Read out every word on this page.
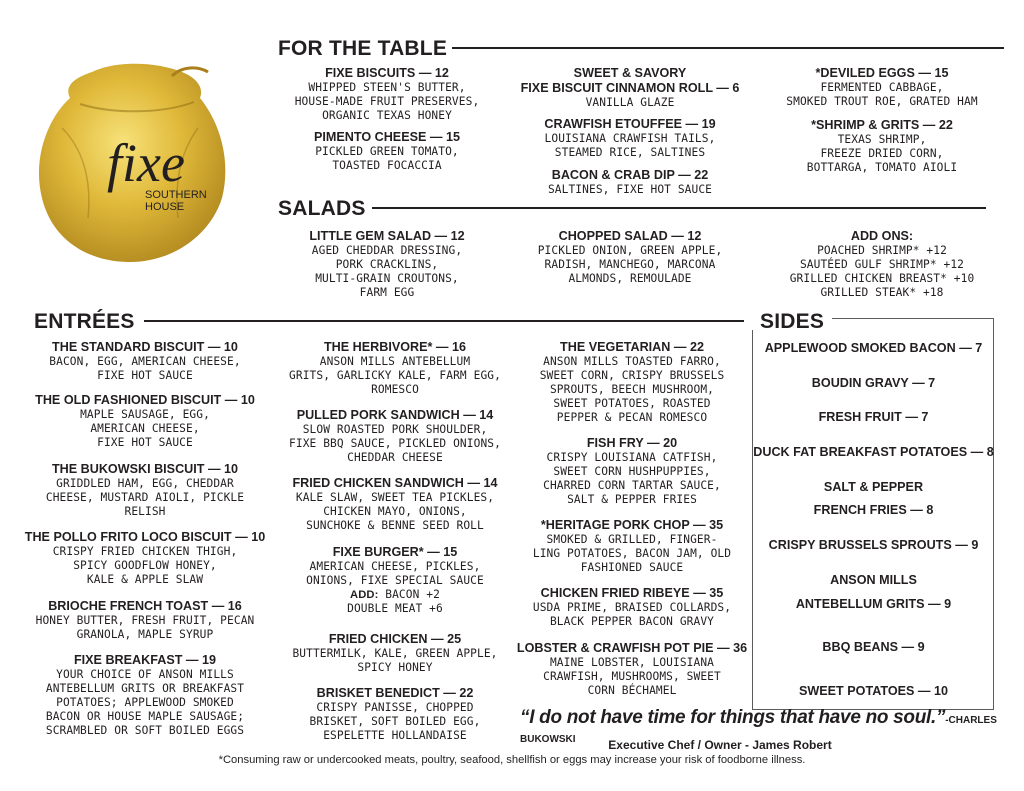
fixe
SOUTHERN HOUSE
FOR THE TABLE
FIXE BISCUITS — 12
WHIPPED STEEN'S BUTTER,
HOUSE-MADE FRUIT PRESERVES,
ORGANIC TEXAS HONEY
PIMENTO CHEESE — 15
PICKLED GREEN TOMATO,
TOASTED FOCACCIA
SWEET & SAVORY
FIXE BISCUIT CINNAMON ROLL — 6
VANILLA GLAZE
CRAWFISH ETOUFFEE — 19
LOUISIANA CRAWFISH TAILS,
STEAMED RICE, SALTINES
BACON & CRAB DIP — 22
SALTINES, FIXE HOT SAUCE
*DEVILED EGGS — 15
FERMENTED CABBAGE,
SMOKED TROUT ROE, GRATED HAM
*SHRIMP & GRITS — 22
TEXAS SHRIMP,
FREEZE DRIED CORN,
BOTTARGA, TOMATO AIOLI
SALADS
LITTLE GEM SALAD — 12
AGED CHEDDAR DRESSING,
PORK CRACKLINS,
MULTI-GRAIN CROUTONS,
FARM EGG
CHOPPED SALAD — 12
PICKLED ONION, GREEN APPLE,
RADISH, MANCHEGO, MARCONA
ALMONDS, REMOULADE
ADD ONS:
POACHED SHRIMP* +12
SAUTÉED GULF SHRIMP* +12
GRILLED CHICKEN BREAST* +10
GRILLED STEAK* +18
ENTRÉES
THE STANDARD BISCUIT — 10
BACON, EGG, AMERICAN CHEESE,
FIXE HOT SAUCE
THE OLD FASHIONED BISCUIT — 10
MAPLE SAUSAGE, EGG,
AMERICAN CHEESE,
FIXE HOT SAUCE
THE BUKOWSKI BISCUIT — 10
GRIDDLED HAM, EGG, CHEDDAR
CHEESE, MUSTARD AIOLI, PICKLE
RELISH
THE POLLO FRITO LOCO BISCUIT — 10
CRISPY FRIED CHICKEN THIGH,
SPICY GOODFLOW HONEY,
KALE & APPLE SLAW
BRIOCHE FRENCH TOAST — 16
HONEY BUTTER, FRESH FRUIT, PECAN
GRANOLA, MAPLE SYRUP
FIXE BREAKFAST — 19
YOUR CHOICE OF ANSON MILLS
ANTEBELLUM GRITS OR BREAKFAST
POTATOES; APPLEWOOD SMOKED
BACON OR HOUSE MAPLE SAUSAGE;
SCRAMBLED OR SOFT BOILED EGGS
THE HERBIVORE* — 16
ANSON MILLS ANTEBELLUM
GRITS, GARLICKY KALE, FARM EGG,
ROMESCO
PULLED PORK SANDWICH — 14
SLOW ROASTED PORK SHOULDER,
FIXE BBQ SAUCE, PICKLED ONIONS,
CHEDDAR CHEESE
FRIED CHICKEN SANDWICH — 14
KALE SLAW, SWEET TEA PICKLES,
CHICKEN MAYO, ONIONS,
SUNCHOKE & BENNE SEED ROLL
FIXE BURGER* — 15
AMERICAN CHEESE, PICKLES,
ONIONS, FIXE SPECIAL SAUCE
ADD: BACON +2
DOUBLE MEAT +6
FRIED CHICKEN — 25
BUTTERMILK, KALE, GREEN APPLE,
SPICY HONEY
BRISKET BENEDICT — 22
CRISPY PANISSE, CHOPPED
BRISKET, SOFT BOILED EGG,
ESPELETTE HOLLANDAISE
THE VEGETARIAN — 22
ANSON MILLS TOASTED FARRO,
SWEET CORN, CRISPY BRUSSELS
SPROUTS, BEECH MUSHROOM,
SWEET POTATOES, ROASTED
PEPPER & PECAN ROMESCO
FISH FRY — 20
CRISPY LOUISIANA CATFISH,
SWEET CORN HUSHPUPPIES,
CHARRED CORN TARTAR SAUCE,
SALT & PEPPER FRIES
*HERITAGE PORK CHOP — 35
SMOKED & GRILLED, FINGER-
LING POTATOES, BACON JAM, OLD
FASHIONED SAUCE
CHICKEN FRIED RIBEYE — 35
USDA PRIME, BRAISED COLLARDS,
BLACK PEPPER BACON GRAVY
LOBSTER & CRAWFISH POT PIE — 36
MAINE LOBSTER, LOUISIANA
CRAWFISH, MUSHROOMS, SWEET
CORN BÉCHAMEL
SIDES
APPLEWOOD SMOKED BACON — 7
BOUDIN GRAVY — 7
FRESH FRUIT — 7
DUCK FAT BREAKFAST POTATOES — 8
SALT & PEPPER
FRENCH FRIES — 8
CRISPY BRUSSELS SPROUTS — 9
ANSON MILLS
ANTEBELLUM GRITS — 9
BBQ BEANS — 9
SWEET POTATOES — 10
“I do not have time for things that have no soul.”-CHARLES BUKOWSKI	Executive Chef / Owner - James Robert
*Consuming raw or undercooked meats, poultry, seafood, shellfish or eggs may increase your risk of foodborne illness.
